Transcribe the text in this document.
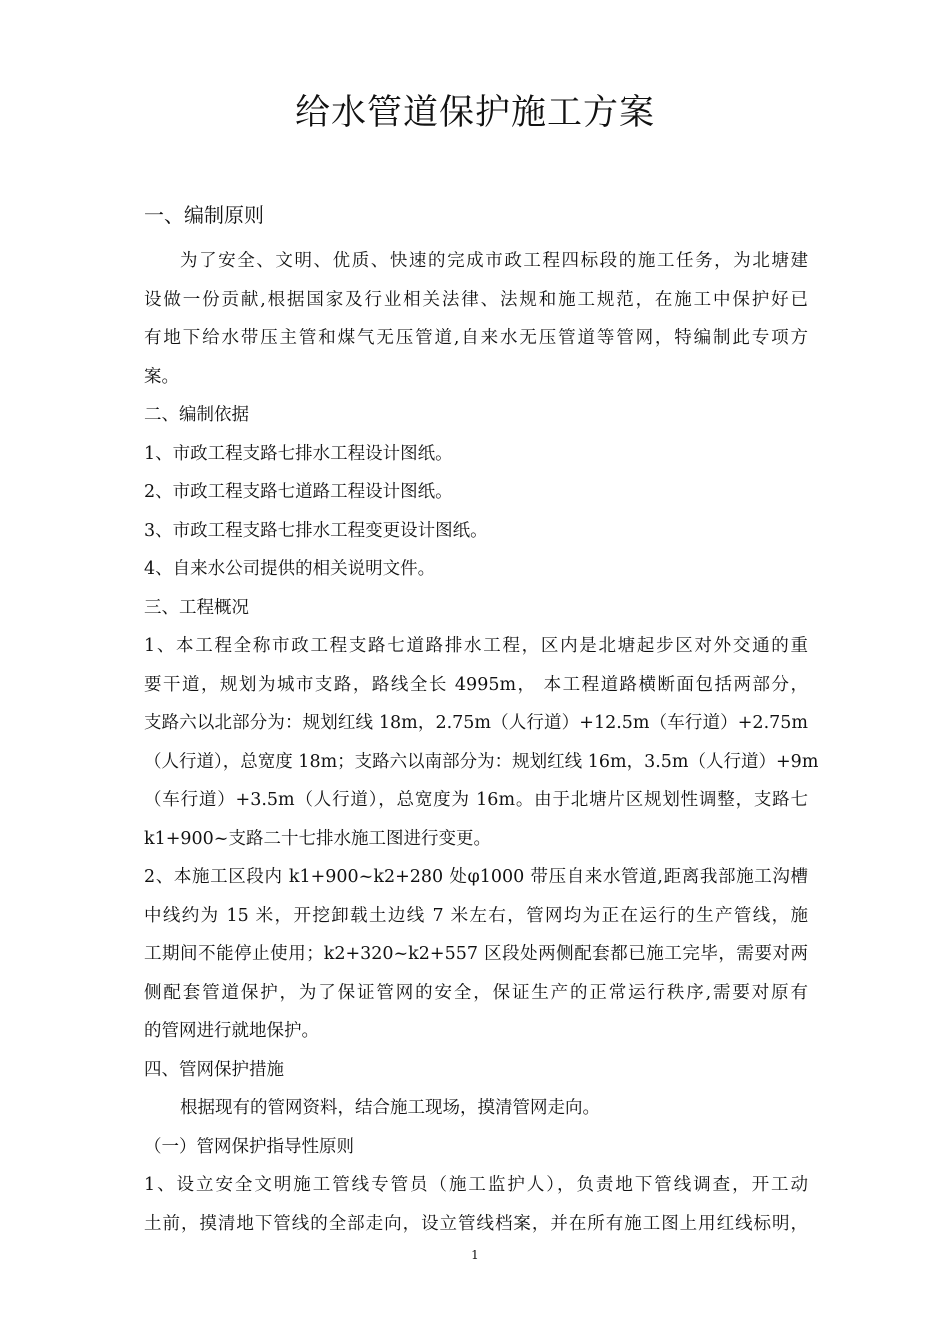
给水管道保护施工方案
一、编制原则
为了安全、文明、优质、快速的完成市政工程四标段的施工任务，为北塘建
设做一份贡献,根据国家及行业相关法律、法规和施工规范，在施工中保护好已
有地下给水带压主管和煤气无压管道,自来水无压管道等管网，特编制此专项方
案。
二、编制依据
1、市政工程支路七排水工程设计图纸。
2、市政工程支路七道路工程设计图纸。
3、市政工程支路七排水工程变更设计图纸。
4、自来水公司提供的相关说明文件。
三、工程概况
1、本工程全称市政工程支路七道路排水工程，区内是北塘起步区对外交通的重
要干道，规划为城市支路，路线全长 4995m， 本工程道路横断面包括两部分，
支路六以北部分为：规划红线 18m，2.75m（人行道）+12.5m（车行道）+2.75m
（人行道），总宽度 18m；支路六以南部分为：规划红线 16m，3.5m（人行道）+9m
（车行道）+3.5m（人行道），总宽度为 16m。由于北塘片区规划性调整，支路七
k1+900~支路二十七排水施工图进行变更。
2、本施工区段内 k1+900~k2+280 处φ1000 带压自来水管道,距离我部施工沟槽
中线约为 15 米，开挖卸载土边线 7 米左右，管网均为正在运行的生产管线，施
工期间不能停止使用；k2+320~k2+557 区段处两侧配套都已施工完毕，需要对两
侧配套管道保护，为了保证管网的安全，保证生产的正常运行秩序,需要对原有
的管网进行就地保护。
四、管网保护措施
根据现有的管网资料，结合施工现场，摸清管网走向。
（一）管网保护指导性原则
1、设立安全文明施工管线专管员（施工监护人），负责地下管线调查，开工动
土前，摸清地下管线的全部走向，设立管线档案，并在所有施工图上用红线标明，
1
